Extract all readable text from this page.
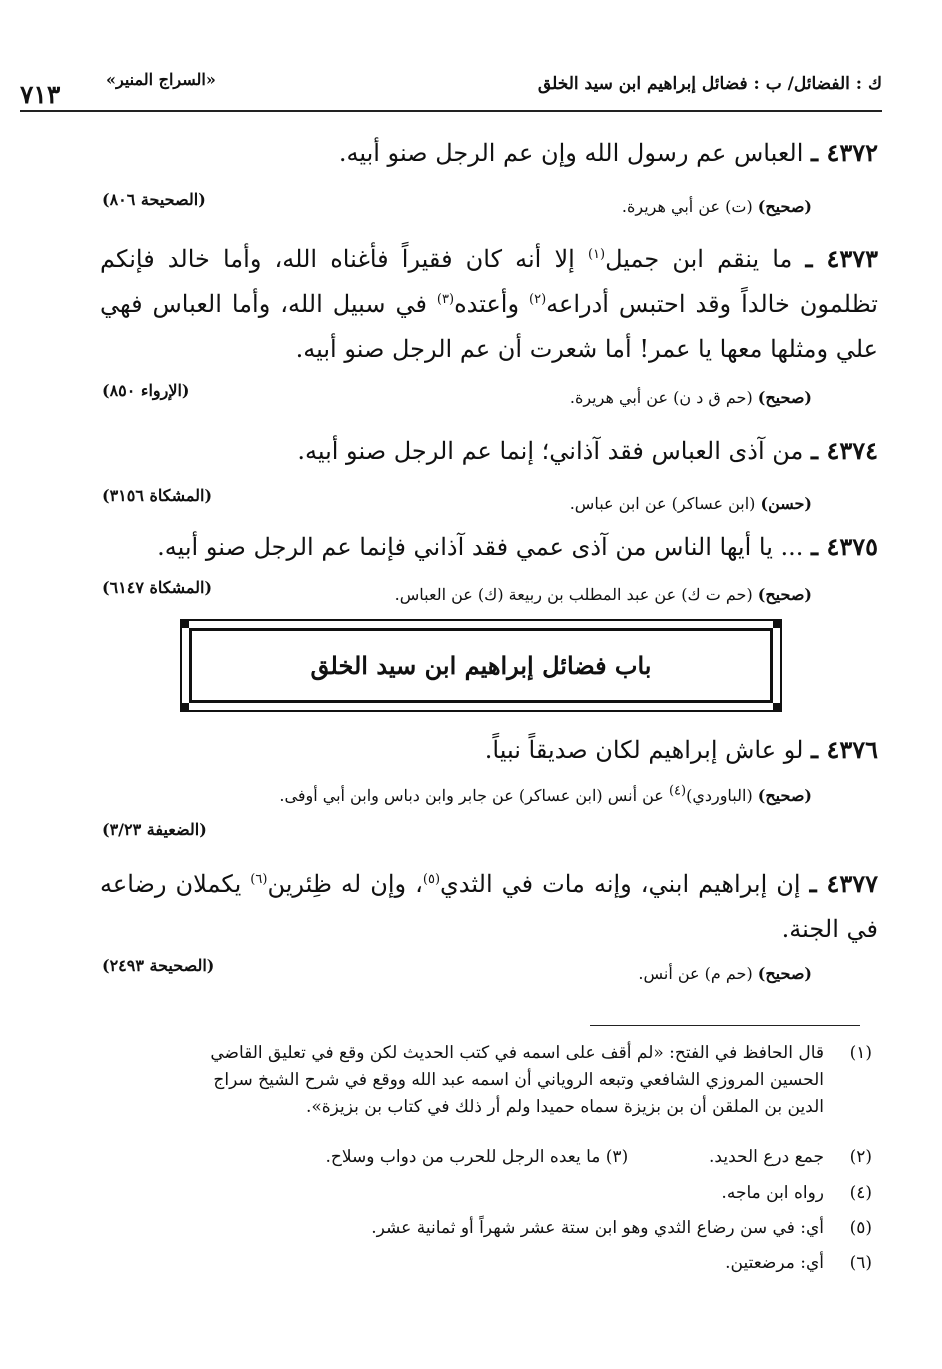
ك : الفضائل/ ب : فضائل إبراهيم ابن سيد الخلق
«السراج المنير»
٧١٣
٤٣٧٢ ـ العباس عم رسول الله وإن عم الرجل صنو أبيه.
(صحيح) (ت) عن أبي هريرة.
(الصحيحة ٨٠٦)
٤٣٧٣ ـ ما ينقم ابن جميل$^{(١)}$ إلا أنه كان فقيراً فأغناه الله، وأما خالد فإنكم تظلمون خالداً وقد احتبس أدراعه$^{(٢)}$ وأعتده$^{(٣)}$ في سبيل الله، وأما العباس فهي علي ومثلها معها يا عمر! أما شعرت أن عم الرجل صنو أبيه.
(صحيح) (حم ق د ن) عن أبي هريرة.
(الإرواء ٨٥٠)
٤٣٧٤ ـ من آذى العباس فقد آذاني؛ إنما عم الرجل صنو أبيه.
(حسن) (ابن عساكر) عن ابن عباس.
(المشكاة ٣١٥٦)
٤٣٧٥ ـ ... يا أيها الناس من آذى عمي فقد آذاني فإنما عم الرجل صنو أبيه.
(صحيح) (حم ت ك) عن عبد المطلب بن ربيعة (ك) عن العباس.
(المشكاة ٦١٤٧)
باب فضائل إبراهيم ابن سيد الخلق
٤٣٧٦ ـ لو عاش إبراهيم لكان صديقاً نبياً.
(صحيح) (الباوردي)$^{(٤)}$ عن أنس (ابن عساكر) عن جابر وابن دباس وابن أبي أوفى.
(الضعيفة ٣/٢٣)
٤٣٧٧ ـ إن إبراهيم ابني، وإنه مات في الثدي$^{(٥)}$، وإن له ظِئرين$^{(٦)}$ يكملان رضاعه في الجنة.
(صحيح) (حم م) عن أنس.
(الصحيحة ٢٤٩٣)
(١)قال الحافظ في الفتح: «لم أقف على اسمه في كتب الحديث لكن وقع في تعليق القاضي
الحسين المروزي الشافعي وتبعه الروياني أن اسمه عبد الله ووقع في شرح الشيخ سراج
الدين بن الملقن أن بن بزيزة سماه حميدا ولم أر ذلك في كتاب بن بزيزة».
(٢)جمع درع الحديد.  (٣) ما يعده الرجل للحرب من دواب وسلاح.
(٤)رواه ابن ماجه.
(٥)أي: في سن رضاع الثدي وهو ابن ستة عشر شهراً أو ثمانية عشر.
(٦)أي: مرضعتين.
